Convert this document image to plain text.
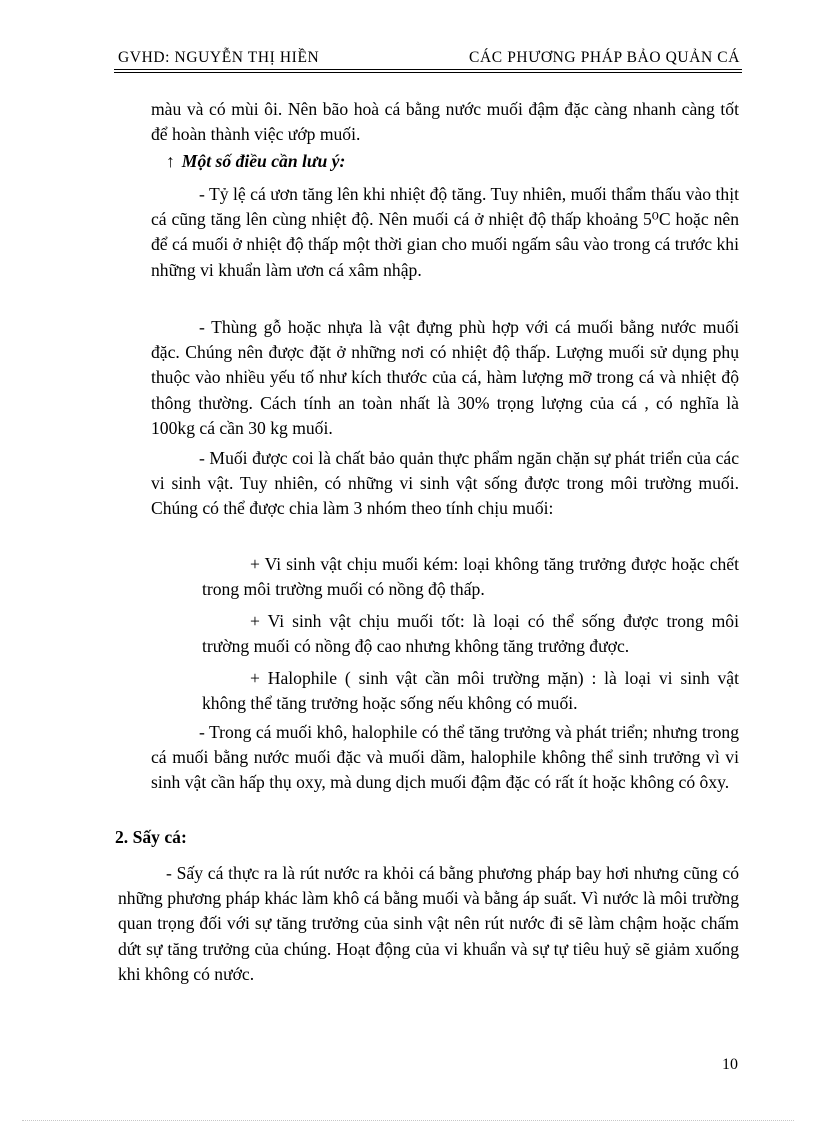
GVHD: NGUYỄN THỊ HIỀN	CÁC PHƯƠNG PHÁP BẢO QUẢN CÁ
màu và có mùi ôi. Nên bão hoà cá bằng nước muối đậm đặc càng nhanh càng tốt để hoàn thành việc ướp muối.
↑ Một số điều cần lưu ý:
- Tỷ lệ cá ươn tăng lên khi nhiệt độ tăng. Tuy nhiên, muối thẩm thấu vào thịt cá cũng tăng lên cùng nhiệt độ. Nên muối cá ở nhiệt độ thấp khoảng 5⁰C hoặc nên để cá muối ở nhiệt độ thấp một thời gian cho muối ngấm sâu vào trong cá trước khi những vi khuẩn làm ươn cá xâm nhập.
- Thùng gỗ hoặc nhựa là vật đựng phù hợp với cá muối bằng nước muối đặc. Chúng nên được đặt ở những nơi có nhiệt độ thấp. Lượng muối sử dụng phụ thuộc vào nhiều yếu tố như kích thước của cá, hàm lượng mỡ trong cá và nhiệt độ thông thường. Cách tính an toàn nhất là 30% trọng lượng của cá , có nghĩa là 100kg cá cần 30 kg muối.
- Muối được coi là chất bảo quản thực phẩm ngăn chặn sự phát triển của các vi sinh vật. Tuy nhiên, có những vi sinh vật sống được trong môi trường muối. Chúng có thể được chia làm 3 nhóm theo tính chịu muối:
+ Vi sinh vật chịu muối kém: loại không tăng trưởng được hoặc chết trong môi trường muối có nồng độ thấp.
+ Vi sinh vật chịu muối tốt: là loại có thể sống được trong môi trường muối có nồng độ cao nhưng không tăng trưởng được.
+ Halophile ( sinh vật cần môi trường mặn) : là loại vi sinh vật không thể tăng trưởng hoặc sống nếu không có muối.
- Trong cá muối khô, halophile có thể tăng trưởng và phát triển; nhưng trong cá muối bằng nước muối đặc và muối dầm, halophile không thể sinh trưởng vì vi sinh vật cần hấp thụ oxy, mà dung dịch muối đậm đặc có rất ít hoặc không có ôxy.
2. Sấy cá:
- Sấy cá thực ra là rút nước ra khỏi cá bằng phương pháp bay hơi nhưng cũng có những phương pháp khác làm khô cá bằng muối và bằng áp suất. Vì nước là môi trường quan trọng đối với sự tăng trưởng của sinh vật nên rút nước đi sẽ làm chậm hoặc chấm dứt sự tăng trưởng của chúng. Hoạt động của vi khuẩn và sự tự tiêu huỷ sẽ giảm xuống khi không có nước.
10
